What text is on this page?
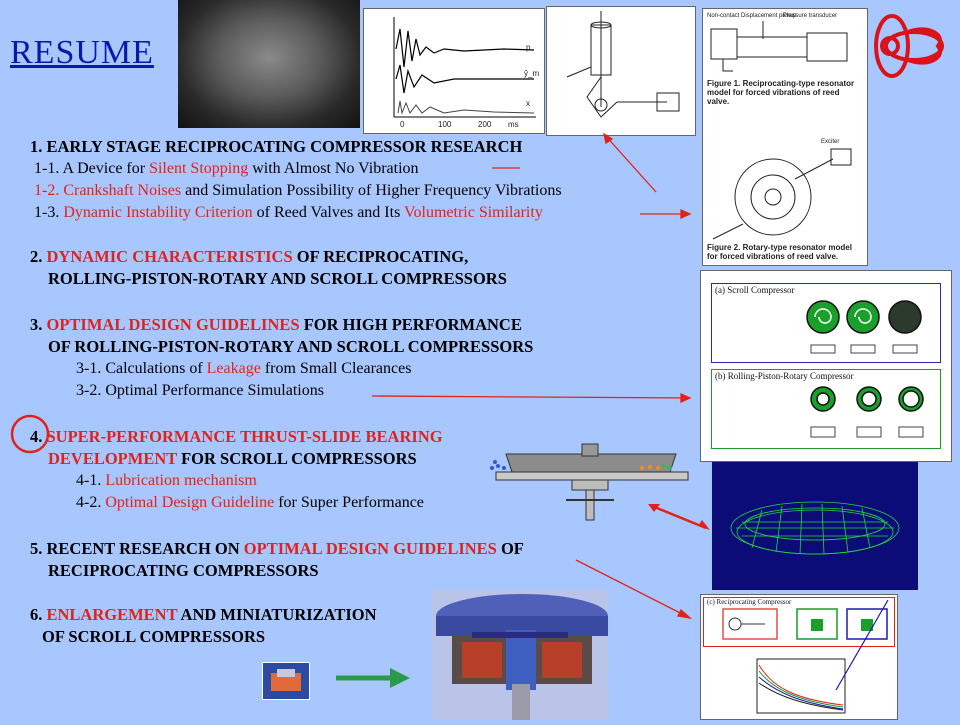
RESUME	p
ŷ_m
x
0	100	200 ms
Figure 1. Reciprocating-type resonator model for forced vibrations of reed valve.
Figure 2. Rotary-type resonator model for forced vibrations of reed valve.
Non-contact Displacement pickup
Pressure transducer
Exciter
(a) Scroll Compressor
(b) Rolling-Piston-Rotary Compressor
(c) Reciprocating Compressor
1. EARLY STAGE RECIPROCATING COMPRESSOR RESEARCH
1-1. A Device for Silent Stopping with Almost No Vibration
1-2. Crankshaft Noises and Simulation Possibility of Higher Frequency Vibrations
1-3. Dynamic Instability Criterion of Reed Valves and Its Volumetric Similarity
2. DYNAMIC CHARACTERISTICS OF RECIPROCATING,
ROLLING-PISTON-ROTARY AND SCROLL COMPRESSORS
3. OPTIMAL DESIGN GUIDELINES FOR HIGH PERFORMANCE
OF ROLLING-PISTON-ROTARY AND SCROLL COMPRESSORS
3-1. Calculations of Leakage from Small Clearances
3-2. Optimal Performance Simulations
4. SUPER-PERFORMANCE THRUST-SLIDE BEARING
DEVELOPMENT FOR SCROLL COMPRESSORS
4-1. Lubrication mechanism
4-2. Optimal Design Guideline for Super Performance
5. RECENT RESEARCH ON OPTIMAL DESIGN GUIDELINES OF
RECIPROCATING COMPRESSORS
6. ENLARGEMENT AND MINIATURIZATION
OF SCROLL COMPRESSORS
